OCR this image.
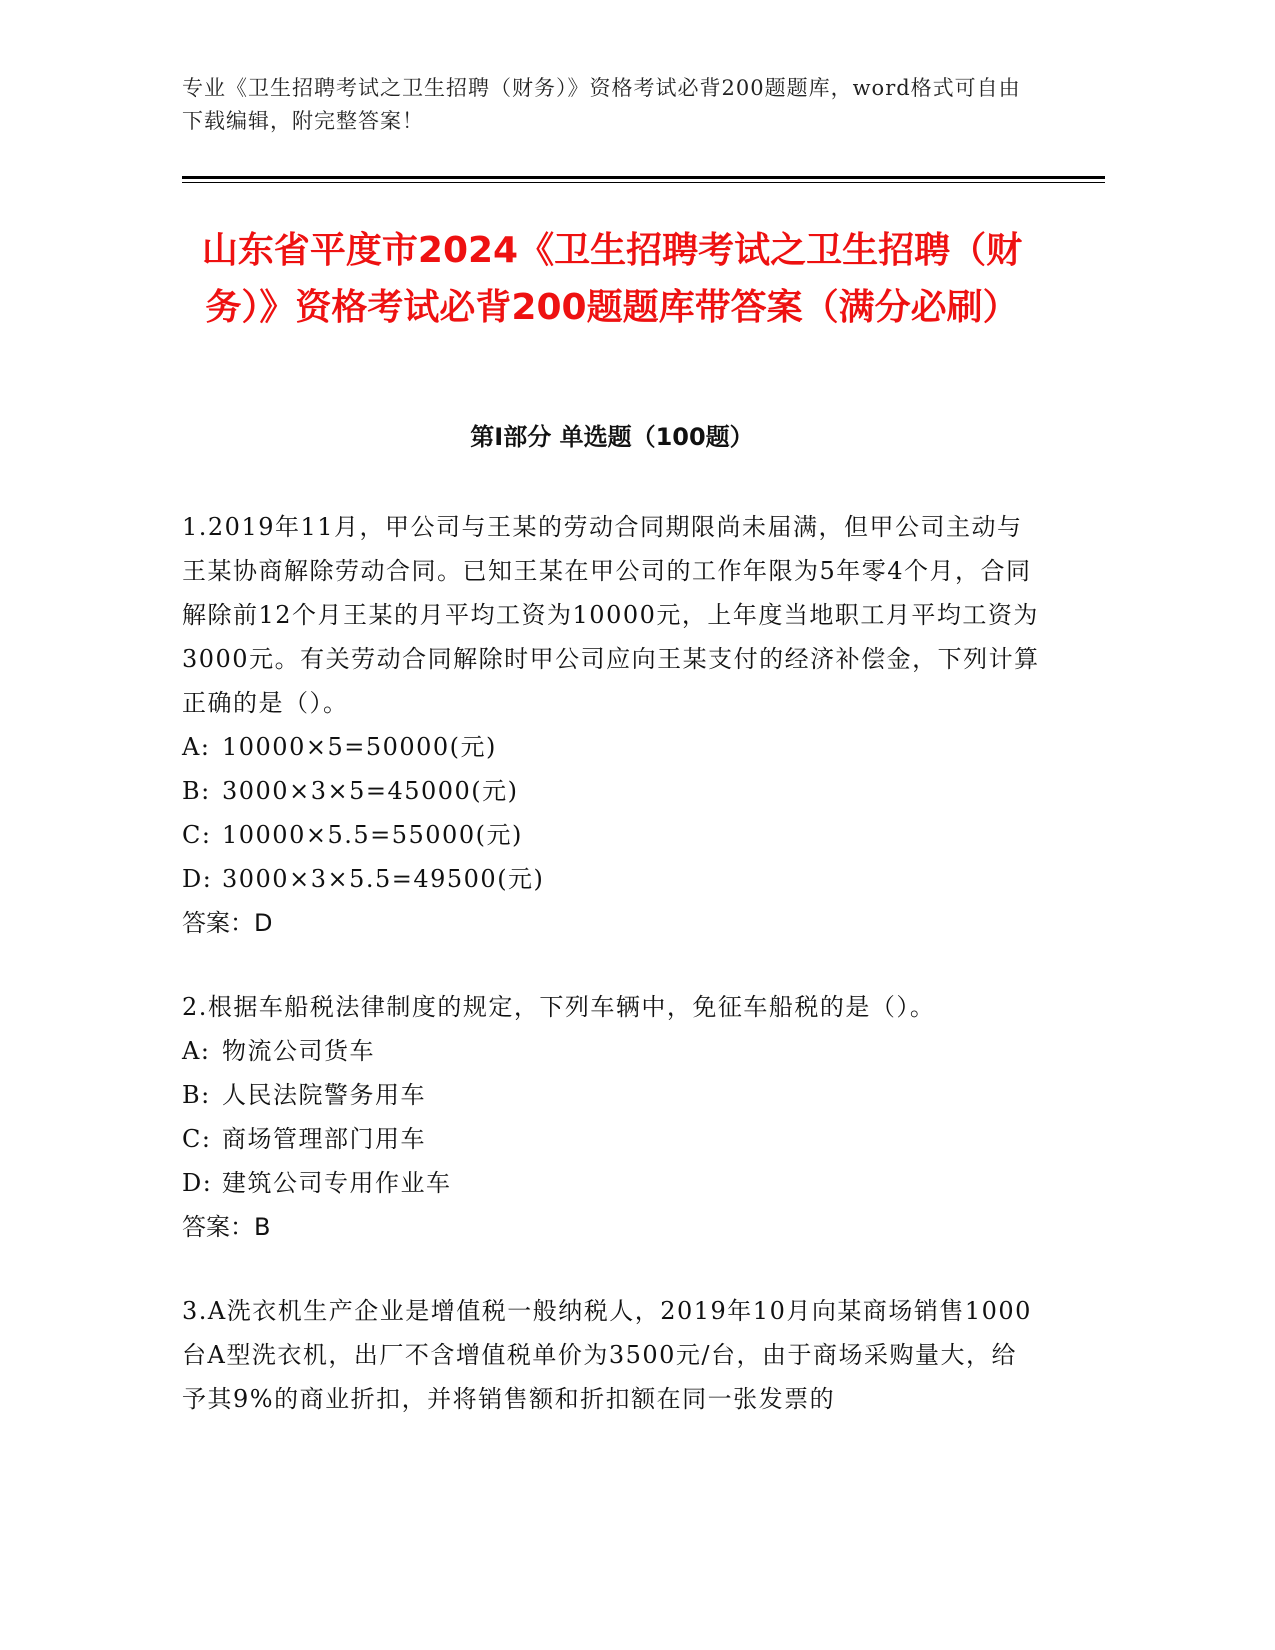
专业《卫生招聘考试之卫生招聘（财务）》资格考试必背200题题库，word格式可自由下载编辑，附完整答案！
山东省平度市2024《卫生招聘考试之卫生招聘（财务）》资格考试必背200题题库带答案（满分必刷）
第Ⅰ部分 单选题（100题）

1.2019年11月，甲公司与王某的劳动合同期限尚未届满，但甲公司主动与王某协商解除劳动合同。已知王某在甲公司的工作年限为5年零4个月，合同解除前12个月王某的月平均工资为10000元，上年度当地职工月平均工资为3000元。有关劳动合同解除时甲公司应向王某支付的经济补偿金，下列计算正确的是（）。

A: 10000×5=50000(元)

B: 3000×3×5=45000(元)

C: 10000×5.5=55000(元)

D: 3000×3×5.5=49500(元)

答案：D

2.根据车船税法律制度的规定，下列车辆中，免征车船税的是（）。

A: 物流公司货车

B: 人民法院警务用车

C: 商场管理部门用车

D: 建筑公司专用作业车

答案：B

3.A洗衣机生产企业是增值税一般纳税人，2019年10月向某商场销售1000台A型洗衣机，出厂不含增值税单价为3500元/台，由于商场采购量大，给予其9%的商业折扣，并将销售额和折扣额在同一张发票的
